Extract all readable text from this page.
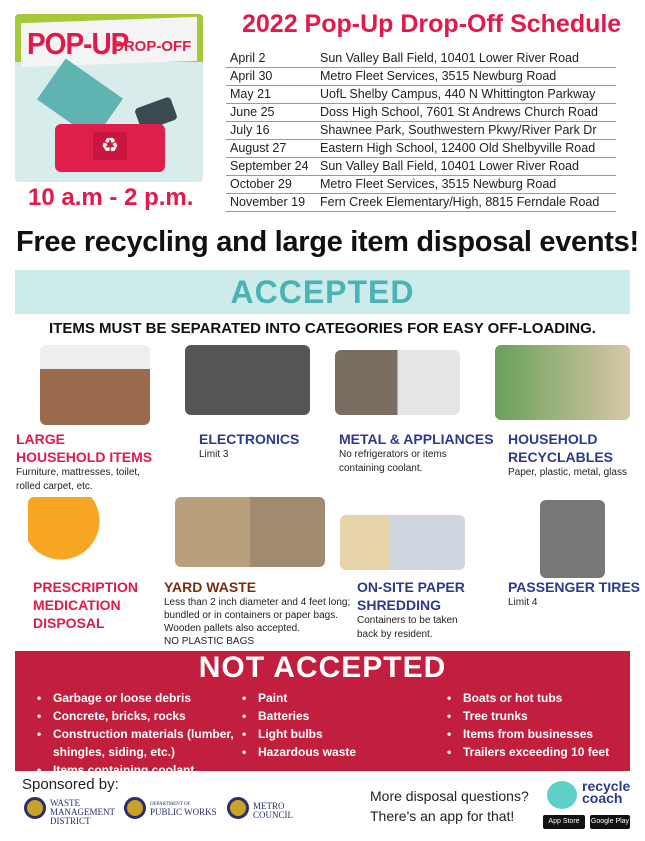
POP-UP
DROP-OFF
♻
10 a.m - 2 p.m.
2022 Pop-Up Drop-Off Schedule
April 2	Sun Valley Ball Field, 10401 Lower River Road
April 30	Metro Fleet Services, 3515 Newburg Road
May 21	UofL Shelby Campus, 440 N Whittington Parkway
June 25	Doss High School, 7601 St Andrews Church Road
July 16	Shawnee Park, Southwestern Pkwy/River Park Dr
August 27	Eastern High School, 12400 Old Shelbyville Road
September 24	Sun Valley Ball Field, 10401 Lower River Road
October 29	Metro Fleet Services, 3515 Newburg Road
November 19	Fern Creek Elementary/High, 8815 Ferndale Road
Free recycling and large item disposal events!
ACCEPTED
ITEMS MUST BE SEPARATED INTO CATEGORIES FOR EASY OFF-LOADING.
LARGE
HOUSEHOLD ITEMS
Furniture, mattresses, toilet,
rolled carpet, etc.
ELECTRONICS
Limit 3
METAL & APPLIANCES
No refrigerators or items
containing coolant.
HOUSEHOLD
RECYCLABLES
Paper, plastic, metal, glass
PRESCRIPTION
MEDICATION
DISPOSAL
YARD WASTE
Less than 2 inch diameter and 4 feet long;
bundled or in containers or paper bags.
Wooden pallets also accepted.
NO PLASTIC BAGS
ON-SITE PAPER
SHREDDING
Containers to be taken
back by resident.
PASSENGER TIRES
Limit 4
NOT ACCEPTED
• Garbage or loose debris
• Concrete, bricks, rocks
• Construction materials (lumber,
shingles, siding, etc.)
• Items containing coolant
• Paint
• Batteries
• Light bulbs
• Hazardous waste
• Boats or hot tubs
• Tree trunks
• Items from businesses
• Trailers exceeding 10 feet
Sponsored by:
WASTE
MANAGEMENT
DISTRICT
DEPARTMENT OF
PUBLIC WORKS
METRO
COUNCIL
More disposal questions?
There's an app for that!
recycle
coach
App Store	Google Play
